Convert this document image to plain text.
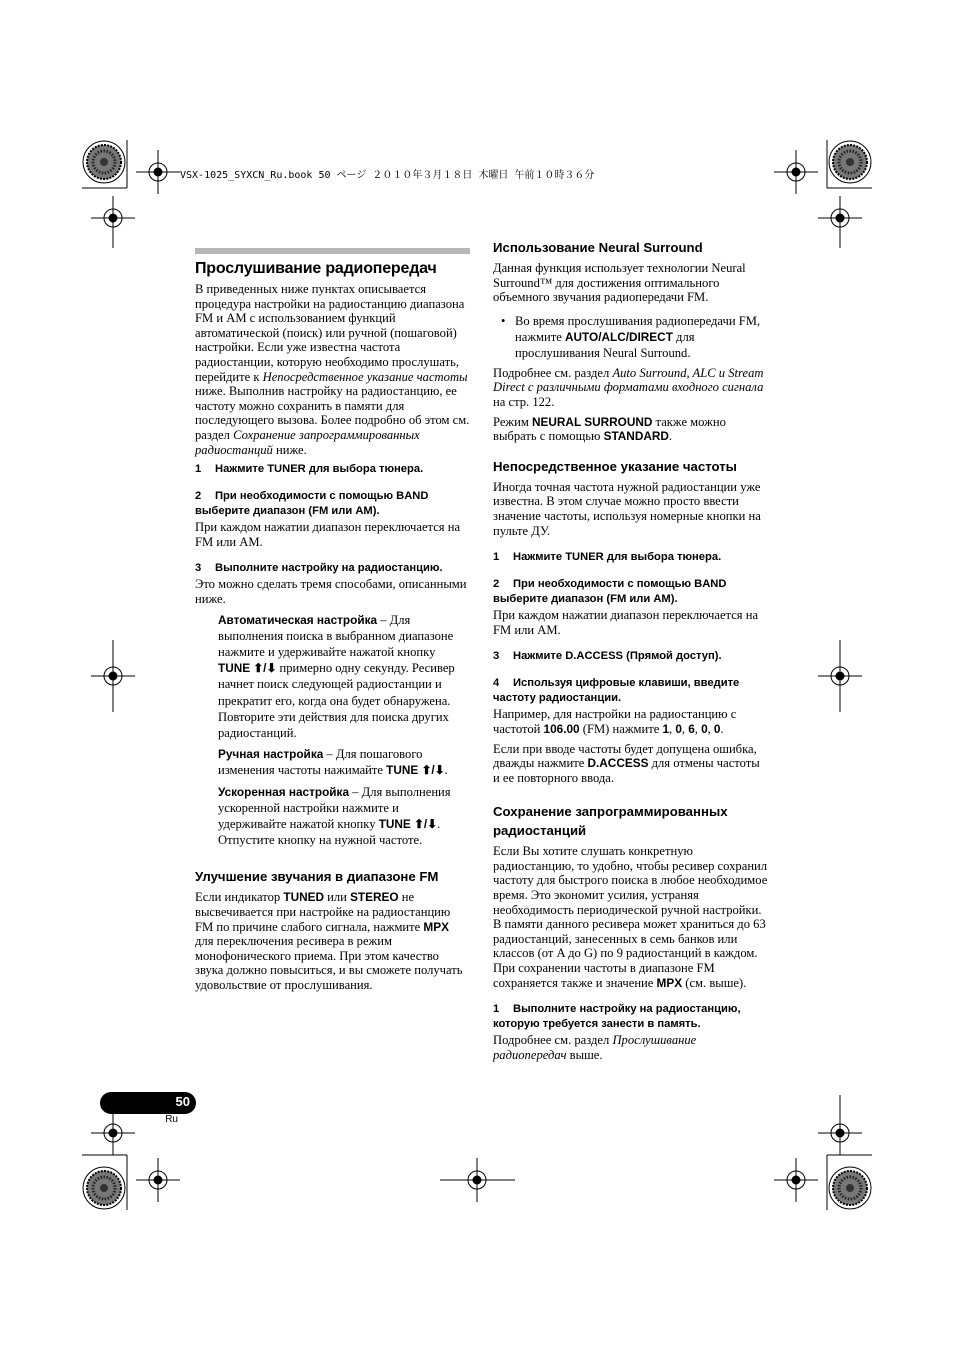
VSX-1025_SYXCN_Ru.book 50 ページ ２０１０年３月１８日 木曜日 午前１０時３６分
Прослушивание радиопередач

В приведенных ниже пунктах описывается процедура настройки на радиостанцию диапазона FM и AM с использованием функций автоматической (поиск) или ручной (пошаговой) настройки. Если уже известна частота радиостанции, которую необходимо прослушать, перейдите к Непосредственное указание частоты ниже. Выполнив настройку на радиостанцию, ее частоту можно сохранить в памяти для последующего вызова. Более подробно об этом см. раздел Сохранение запрограммированных радиостанций ниже.

1 Нажмите TUNER для выбора тюнера.
2 При необходимости с помощью BAND выберите диапазон (FM или AM).

При каждом нажатии диапазон переключается на FM или AM.

3 Выполните настройку на радиостанцию.

Это можно сделать тремя способами, описанными ниже.

Автоматическая настройка – Для выполнения поиска в выбранном диапазоне нажмите и удерживайте нажатой кнопку TUNE ⬆/⬇ примерно одну секунду. Ресивер начнет поиск следующей радиостанции и прекратит его, когда она будет обнаружена. Повторите эти действия для поиска других радиостанций.

Ручная настройка – Для пошагового изменения частоты нажимайте TUNE ⬆/⬇.

Ускоренная настройка – Для выполнения ускоренной настройки нажмите и удерживайте нажатой кнопку TUNE ⬆/⬇. Отпустите кнопку на нужной частоте.

Улучшение звучания в диапазоне FM

Если индикатор TUNED или STEREO не высвечивается при настройке на радиостанцию FM по причине слабого сигнала, нажмите MPX для переключения ресивера в режим монофонического приема. При этом качество звука должно повыситься, и вы сможете получать удовольствие от прослушивания.

Использование Neural Surround

Данная функция использует технологии Neural Surround™ для достижения оптимального объемного звучания радиопередачи FM.

• Во время прослушивания радиопередачи FM, нажмите AUTO/ALC/DIRECT для прослушивания Neural Surround.

Подробнее см. раздел Auto Surround, ALC и Stream Direct с различными форматами входного сигнала на стр. 122.

Режим NEURAL SURROUND также можно выбрать с помощью STANDARD.

Непосредственное указание частоты

Иногда точная частота нужной радиостанции уже известна. В этом случае можно просто ввести значение частоты, используя номерные кнопки на пульте ДУ.

1 Нажмите TUNER для выбора тюнера.
2 При необходимости с помощью BAND выберите диапазон (FM или AM).

При каждом нажатии диапазон переключается на FM или AM.

3 Нажмите D.ACCESS (Прямой доступ).
4 Используя цифровые клавиши, введите частоту радиостанции.

Например, для настройки на радиостанцию с частотой 106.00 (FM) нажмите 1, 0, 6, 0, 0.

Если при вводе частоты будет допущена ошибка, дважды нажмите D.ACCESS для отмены частоты и ее повторного ввода.

Сохранение запрограммированных радиостанций

Если Вы хотите слушать конкретную радиостанцию, то удобно, чтобы ресивер сохранил частоту для быстрого поиска в любое необходимое время. Это экономит усилия, устраняя необходимость периодической ручной настройки. В памяти данного ресивера может храниться до 63 радиостанций, занесенных в семь банков или классов (от A до G) по 9 радиостанций в каждом. При сохранении частоты в диапазоне FM сохраняется также и значение MPX (см. выше).

1 Выполните настройку на радиостанцию, которую требуется занести в память.

Подробнее см. раздел Прослушивание радиопередач выше.

50
Ru
